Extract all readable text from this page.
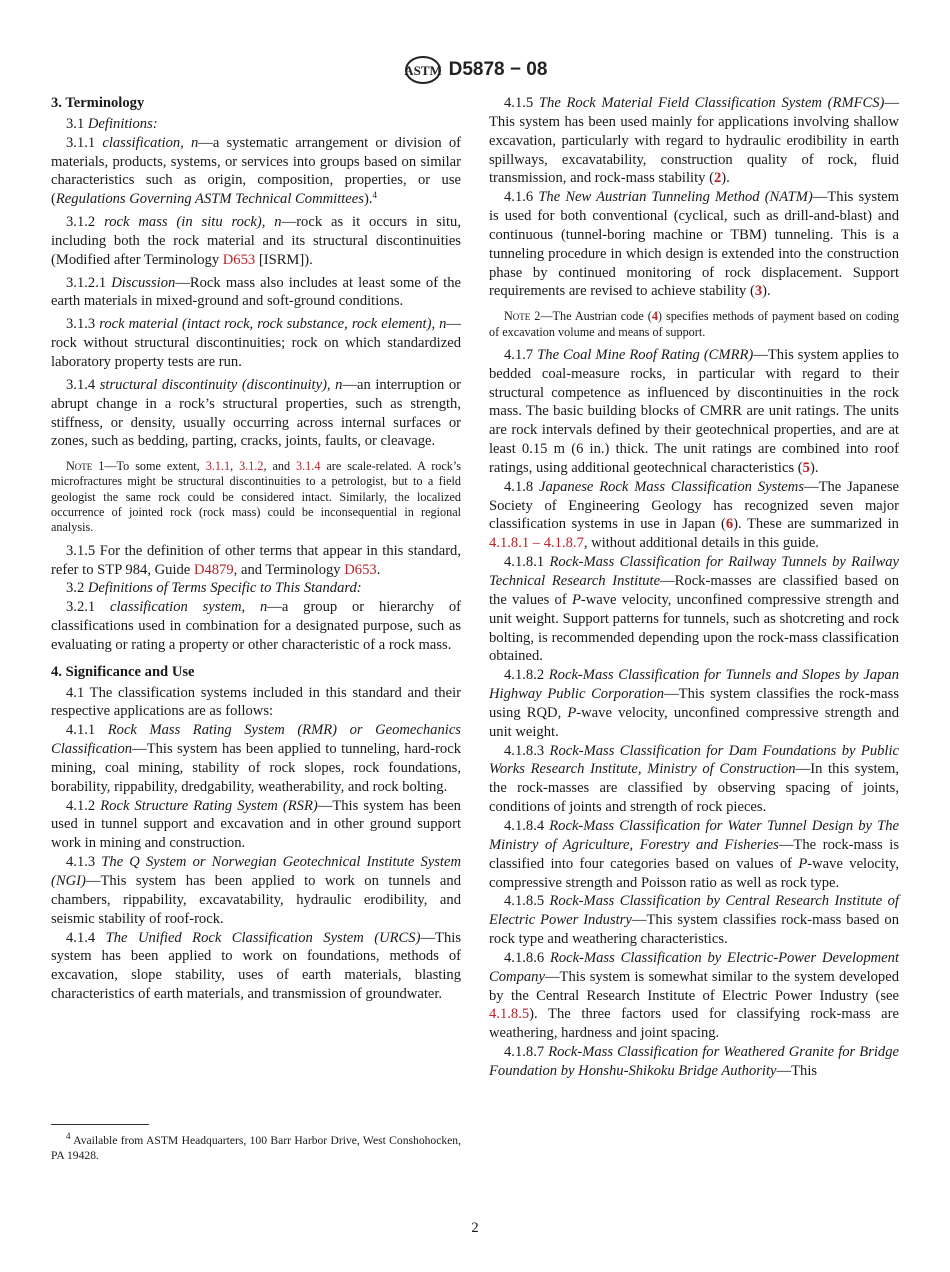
ASTM D5878 − 08
3. Terminology

3.1 Definitions:

3.1.1 classification, n—a systematic arrangement or division of materials, products, systems, or services into groups based on similar characteristics such as origin, composition, properties, or use (Regulations Governing ASTM Technical Committees).$^4$

3.1.2 rock mass (in situ rock), n—rock as it occurs in situ, including both the rock material and its structural discontinuities (Modified after Terminology D653 [ISRM]).

3.1.2.1 Discussion—Rock mass also includes at least some of the earth materials in mixed-ground and soft-ground conditions.

3.1.3 rock material (intact rock, rock substance, rock element), n—rock without structural discontinuities; rock on which standardized laboratory property tests are run.

3.1.4 structural discontinuity (discontinuity), n—an interruption or abrupt change in a rock’s structural properties, such as strength, stiffness, or density, usually occurring across internal surfaces or zones, such as bedding, parting, cracks, joints, faults, or cleavage.

Note 1—To some extent, 3.1.1, 3.1.2, and 3.1.4 are scale-related. A rock’s microfractures might be structural discontinuities to a petrologist, but to a field geologist the same rock could be considered intact. Similarly, the localized occurrence of jointed rock (rock mass) could be inconsequential in regional analysis.

3.1.5 For the definition of other terms that appear in this standard, refer to STP 984, Guide D4879, and Terminology D653.

3.2 Definitions of Terms Specific to This Standard:

3.2.1 classification system, n—a group or hierarchy of classifications used in combination for a designated purpose, such as evaluating or rating a property or other characteristic of a rock mass.

4. Significance and Use

4.1 The classification systems included in this standard and their respective applications are as follows:

4.1.1 Rock Mass Rating System (RMR) or Geomechanics Classification—This system has been applied to tunneling, hard-rock mining, coal mining, stability of rock slopes, rock foundations, borability, rippability, dredgability, weatherability, and rock bolting.

4.1.2 Rock Structure Rating System (RSR)—This system has been used in tunnel support and excavation and in other ground support work in mining and construction.

4.1.3 The Q System or Norwegian Geotechnical Institute System (NGI)—This system has been applied to work on tunnels and chambers, rippability, excavatability, hydraulic erodibility, and seismic stability of roof-rock.

4.1.4 The Unified Rock Classification System (URCS)—This system has been applied to work on foundations, methods of excavation, slope stability, uses of earth materials, blasting characteristics of earth materials, and transmission of groundwater.

4.1.5 The Rock Material Field Classification System (RMFCS)—This system has been used mainly for applications involving shallow excavation, particularly with regard to hydraulic erodibility in earth spillways, excavatability, construction quality of rock, fluid transmission, and rock-mass stability (2).

4.1.6 The New Austrian Tunneling Method (NATM)—This system is used for both conventional (cyclical, such as drill-and-blast) and continuous (tunnel-boring machine or TBM) tunneling. This is a tunneling procedure in which design is extended into the construction phase by continued monitoring of rock displacement. Support requirements are revised to achieve stability (3).

Note 2—The Austrian code (4) specifies methods of payment based on coding of excavation volume and means of support.

4.1.7 The Coal Mine Roof Rating (CMRR)—This system applies to bedded coal-measure rocks, in particular with regard to their structural competence as influenced by discontinuities in the rock mass. The basic building blocks of CMRR are unit ratings. The units are rock intervals defined by their geotechnical properties, and are at least 0.15 m (6 in.) thick. The unit ratings are combined into roof ratings, using additional geotechnical characteristics (5).

4.1.8 Japanese Rock Mass Classification Systems—The Japanese Society of Engineering Geology has recognized seven major classification systems in use in Japan (6). These are summarized in 4.1.8.1 – 4.1.8.7, without additional details in this guide.

4.1.8.1 Rock-Mass Classification for Railway Tunnels by Railway Technical Research Institute—Rock-masses are classified based on the values of P-wave velocity, unconfined compressive strength and unit weight. Support patterns for tunnels, such as shotcreting and rock bolting, is recommended depending upon the rock-mass classification obtained.

4.1.8.2 Rock-Mass Classification for Tunnels and Slopes by Japan Highway Public Corporation—This system classifies the rock-mass using RQD, P-wave velocity, unconfined compressive strength and unit weight.

4.1.8.3 Rock-Mass Classification for Dam Foundations by Public Works Research Institute, Ministry of Construction—In this system, the rock-masses are classified by observing spacing of joints, conditions of joints and strength of rock pieces.

4.1.8.4 Rock-Mass Classification for Water Tunnel Design by The Ministry of Agriculture, Forestry and Fisheries—The rock-mass is classified into four categories based on values of P-wave velocity, compressive strength and Poisson ratio as well as rock type.

4.1.8.5 Rock-Mass Classification by Central Research Institute of Electric Power Industry—This system classifies rock-mass based on rock type and weathering characteristics.

4.1.8.6 Rock-Mass Classification by Electric-Power Development Company—This system is somewhat similar to the system developed by the Central Research Institute of Electric Power Industry (see 4.1.8.5). The three factors used for classifying rock-mass are weathering, hardness and joint spacing.

4.1.8.7 Rock-Mass Classification for Weathered Granite for Bridge Foundation by Honshu-Shikoku Bridge Authority—This

$^4$ Available from ASTM Headquarters, 100 Barr Harbor Drive, West Conshohocken, PA 19428.
2
